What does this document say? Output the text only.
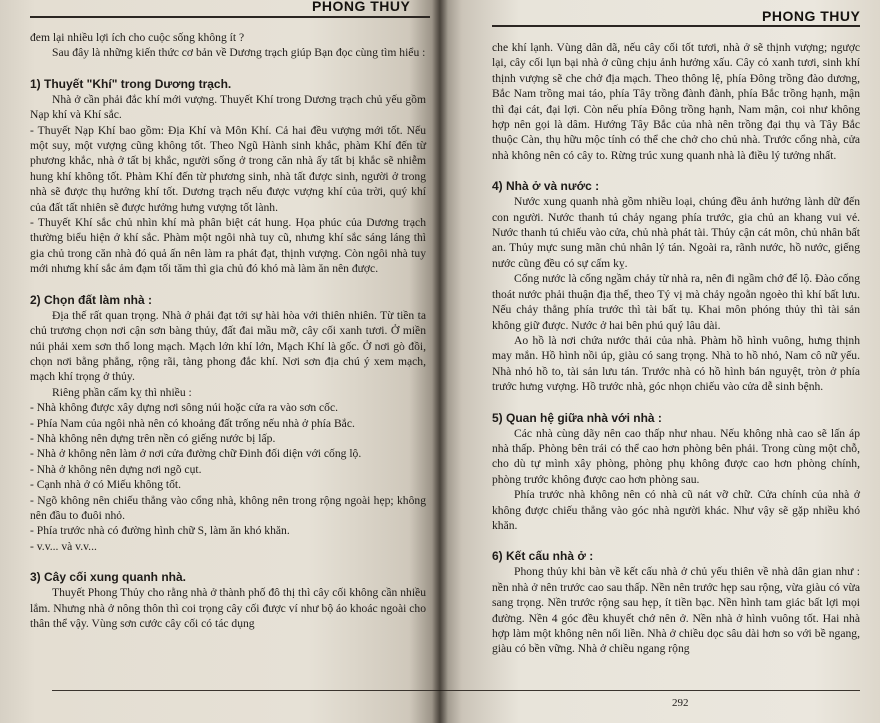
PHONG THUY

đem lại nhiều lợi ích cho cuộc sống không ít ?

Sau đây là những kiến thức cơ bản về Dương trạch giúp Bạn đọc cùng tìm hiểu :

1) Thuyết "Khí" trong Dương trạch.

Nhà ở cần phải đắc khí mới vượng. Thuyết Khí trong Dương trạch chủ yếu gồm Nạp khí và Khí sắc.

- Thuyết Nạp Khí bao gồm: Địa Khí và Môn Khí. Cả hai đều vượng mới tốt. Nếu một suy, một vượng cũng không tốt. Theo Ngũ Hành sinh khắc, phàm Khí đến từ phương khắc, nhà ở tất bị khắc, người sống ở trong căn nhà ấy tất bị khắc sẽ nhiễm hung khí không tốt. Phàm Khí đến từ phương sinh, nhà tất được sinh, người ở trong nhà sẽ được thụ hưởng khí tốt. Dương trạch nếu được vượng khí của trời, quý khí của đất tất nhiên sẽ được hưởng hưng vượng tốt lành.

- Thuyết Khí sắc chủ nhìn khí mà phân biệt cát hung. Họa phúc của Dương trạch thường biểu hiện ở khí sắc. Phàm một ngôi nhà tuy cũ, nhưng khí sắc sáng láng thì gia chủ trong căn nhà đó quả ấn nên làm ra phát đạt, thịnh vượng. Còn ngôi nhà tuy mới nhưng khí sắc ảm đạm tối tăm thì gia chủ đó khó mà làm ăn nên được.

2) Chọn đất làm nhà :

Địa thế rất quan trọng. Nhà ở phải đạt tới sự hài hòa với thiên nhiên. Từ tiền ta chủ trương chọn nơi cận sơn bàng thủy, đất đai mầu mỡ, cây cối xanh tươi. Ở miền núi phải xem sơn thổ long mạch. Mạch lớn khí lớn, Mạch Khí là gốc. Ở nơi gò đồi, chọn nơi bằng phẳng, rộng rãi, tàng phong đắc khí. Nơi sơn địa chú ý xem mạch, mạch khí trọng ở thủy.

Riêng phần cấm kỵ thì nhiều :

- Nhà không được xây dựng nơi sông núi hoặc cửa ra vào sơn cốc.

- Phía Nam của ngôi nhà nên có khoảng đất trống nếu nhà ở phía Bắc.

- Nhà không nên dựng trên nền có giếng nước bị lấp.

- Nhà ở không nên làm ở nơi cửa đường chữ Đinh đối diện với cống lộ.

- Nhà ở không nên dựng nơi ngõ cụt.

- Cạnh nhà ở có Miếu không tốt.

- Ngõ không nên chiếu thẳng vào cổng nhà, không nên trong rộng ngoài hẹp; không nên đầu to đuôi nhỏ.

- Phía trước nhà có đường hình chữ S, làm ăn khó khăn.

- v.v... và v.v...

3) Cây cối xung quanh nhà.

Thuyết Phong Thủy cho rằng nhà ở thành phố đô thị thì cây cối không cần nhiều lắm. Nhưng nhà ở nông thôn thì coi trọng cây cối được ví như bộ áo khoác ngoài cho thân thể vậy. Vùng sơn cước cây cối có tác dụng

PHONG THUY

che khí lạnh. Vùng dân dã, nếu cây cối tốt tươi, nhà ở sẽ thịnh vượng; ngược lại, cây cối lụn bại nhà ở cũng chịu ảnh hưởng xấu. Cây cỏ xanh tươi, sinh khí thịnh vượng sẽ che chở địa mạch. Theo thông lệ, phía Đông trồng đào dương, Bắc Nam trồng mai táo, phía Tây trồng đành đành, phía Bắc trồng hạnh, mận thì đại cát, đại lợi. Còn nếu phía Đông trồng hạnh, Nam mận, coi như không hợp nên gọi là dâm. Hướng Tây Bắc của nhà nên trồng đại thụ và Tây Bắc thuộc Càn, thụ hữu mộc tính có thể che chở cho chủ nhà. Trước cổng nhà, cửa nhà không nên có cây to. Rừng trúc xung quanh nhà là điều lý tưởng nhất.

4) Nhà ở và nước :

Nước xung quanh nhà gồm nhiều loại, chúng đều ảnh hưởng lành dữ đến con người. Nước thanh tú chảy ngang phía trước, gia chủ an khang vui vẻ. Nước thanh tú chiếu vào cửa, chủ nhà phát tài. Thủy cận cát môn, chủ nhân bất an. Thủy mực sung mãn chủ nhân lý tán. Ngoài ra, rãnh nước, hồ nước, giếng nước cũng đều có sự cấm kỵ.

Cống nước là cống ngầm chảy từ nhà ra, nên đi ngầm chớ để lộ. Đào cống thoát nước phải thuận địa thế, theo Tý vị mà chảy ngoằn ngoèo thì khí bất lưu. Nếu chảy thẳng phía trước thì tài bất tụ. Khai môn phóng thủy thì tài sản không giữ được. Nước ở hai bên phú quý lâu dài.

Ao hồ là nơi chứa nước thải của nhà. Phàm hồ hình vuông, hưng thịnh may mắn. Hồ hình nồi úp, giàu có sang trọng. Nhà to hồ nhỏ, Nam cô nữ yếu. Nhà nhỏ hồ to, tài sản lưu tán. Trước nhà có hồ hình bán nguyệt, tròn ở phía trước hưng vượng. Hồ trước nhà, góc nhọn chiếu vào cửa dễ sinh bệnh.

5) Quan hệ giữa nhà với nhà :

Các nhà cùng dãy nên cao thấp như nhau. Nếu không nhà cao sẽ lấn áp nhà thấp. Phòng bên trái có thể cao hơn phòng bên phải. Trong cùng một chỗ, cho dù tự mình xây phòng, phòng phụ không được cao hơn phòng chính, phòng trước không được cao hơn phòng sau.

Phía trước nhà không nên có nhà cũ nát vỡ chữ. Cửa chính của nhà ở không được chiếu thẳng vào góc nhà người khác. Như vậy sẽ gặp nhiều khó khăn.

6) Kết cấu nhà ở :

Phong thủy khi bàn về kết cấu nhà ở chủ yếu thiên về nhà dân gian như : nền nhà ở nên trước cao sau thấp. Nền nên trước hẹp sau rộng, vừa giàu có vừa sang trọng. Nền trước rộng sau hẹp, ít tiền bạc. Nền hình tam giác bất lợi mọi đường. Nền 4 góc đều khuyết chớ nên ở. Nền nhà ở hình vuông tốt. Hai nhà hợp làm một không nên nối liền. Nhà ở chiều dọc sâu dài hơn so với bề ngang, giàu có bền vững. Nhà ở chiều ngang rộng

292
